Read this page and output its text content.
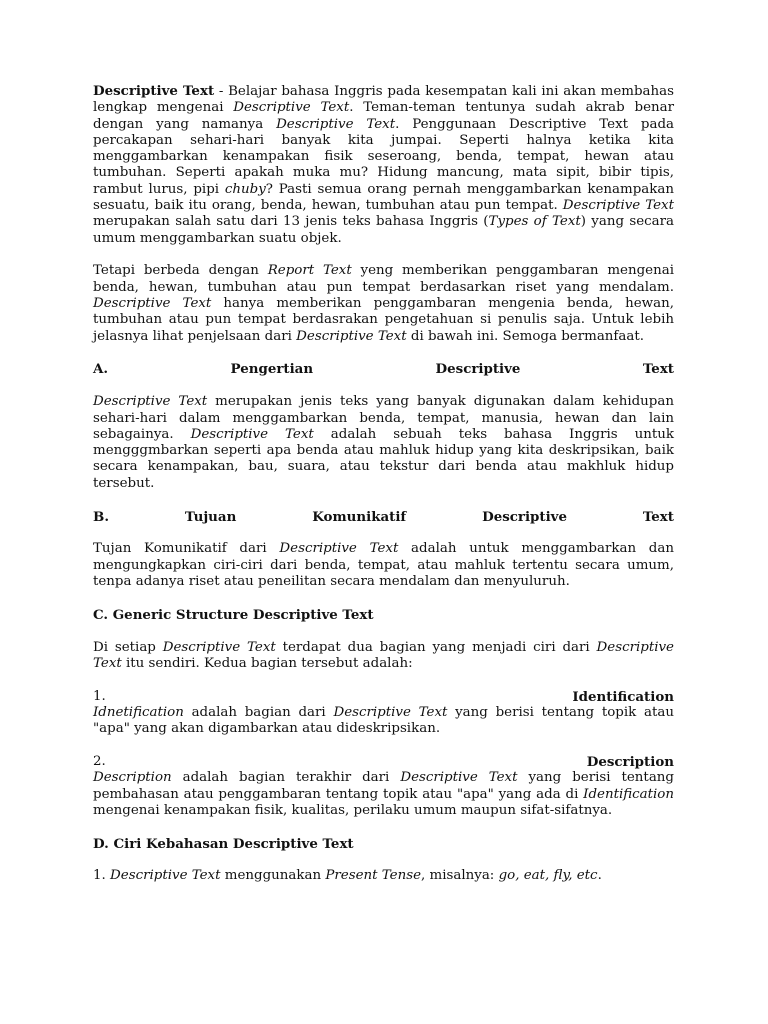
Descriptive Text - Belajar bahasa Inggris pada kesempatan kali ini akan membahas lengkap mengenai Descriptive Text. Teman-teman tentunya sudah akrab benar dengan yang namanya Descriptive Text. Penggunaan Descriptive Text pada percakapan sehari-hari banyak kita jumpai. Seperti halnya ketika kita menggambarkan kenampakan fisik seseroang, benda, tempat, hewan atau tumbuhan. Seperti apakah muka mu? Hidung mancung, mata sipit, bibir tipis, rambut lurus, pipi chuby? Pasti semua orang pernah menggambarkan kenampakan sesuatu, baik itu orang, benda, hewan, tumbuhan atau pun tempat. Descriptive Text merupakan salah satu dari 13 jenis teks bahasa Inggris (Types of Text) yang secara umum menggambarkan suatu objek.

Tetapi berbeda dengan Report Text yeng memberikan penggambaran mengenai benda, hewan, tumbuhan atau pun tempat berdasarkan riset yang mendalam. Descriptive Text hanya memberikan penggambaran mengenia benda, hewan, tumbuhan atau pun tempat berdasrakan pengetahuan si penulis saja. Untuk lebih jelasnya lihat penjelsaan dari Descriptive Text di bawah ini. Semoga bermanfaat.

A.	Pengertian	Descriptive	Text

Descriptive Text merupakan jenis teks yang banyak digunakan dalam kehidupan sehari-hari dalam menggambarkan benda, tempat, manusia, hewan dan lain sebagainya. Descriptive Text adalah sebuah teks bahasa Inggris untuk mengggmbarkan seperti apa benda atau mahluk hidup yang kita deskripsikan, baik secara kenampakan, bau, suara, atau tekstur dari benda atau makhluk hidup tersebut.

B.	Tujuan	Komunikatif	Descriptive	Text

Tujan Komunikatif dari Descriptive Text adalah untuk menggambarkan dan mengungkapkan ciri-ciri dari benda, tempat, atau mahluk tertentu secara umum, tenpa adanya riset atau peneilitan secara mendalam dan menyuluruh.

C. Generic Structure Descriptive Text

Di setiap Descriptive Text terdapat dua bagian yang menjadi ciri dari Descriptive Text itu sendiri. Kedua bagian tersebut adalah:

1.	Identification

Idnetification adalah bagian dari Descriptive Text yang berisi tentang topik atau "apa" yang akan digambarkan atau dideskripsikan.

2.	Description

Description adalah bagian terakhir dari Descriptive Text yang berisi tentang pembahasan atau penggambaran tentang topik atau "apa" yang ada di Identification mengenai kenampakan fisik, kualitas, perilaku umum maupun sifat-sifatnya.

D. Ciri Kebahasan Descriptive Text

1. Descriptive Text menggunakan Present Tense, misalnya: go, eat, fly, etc.
